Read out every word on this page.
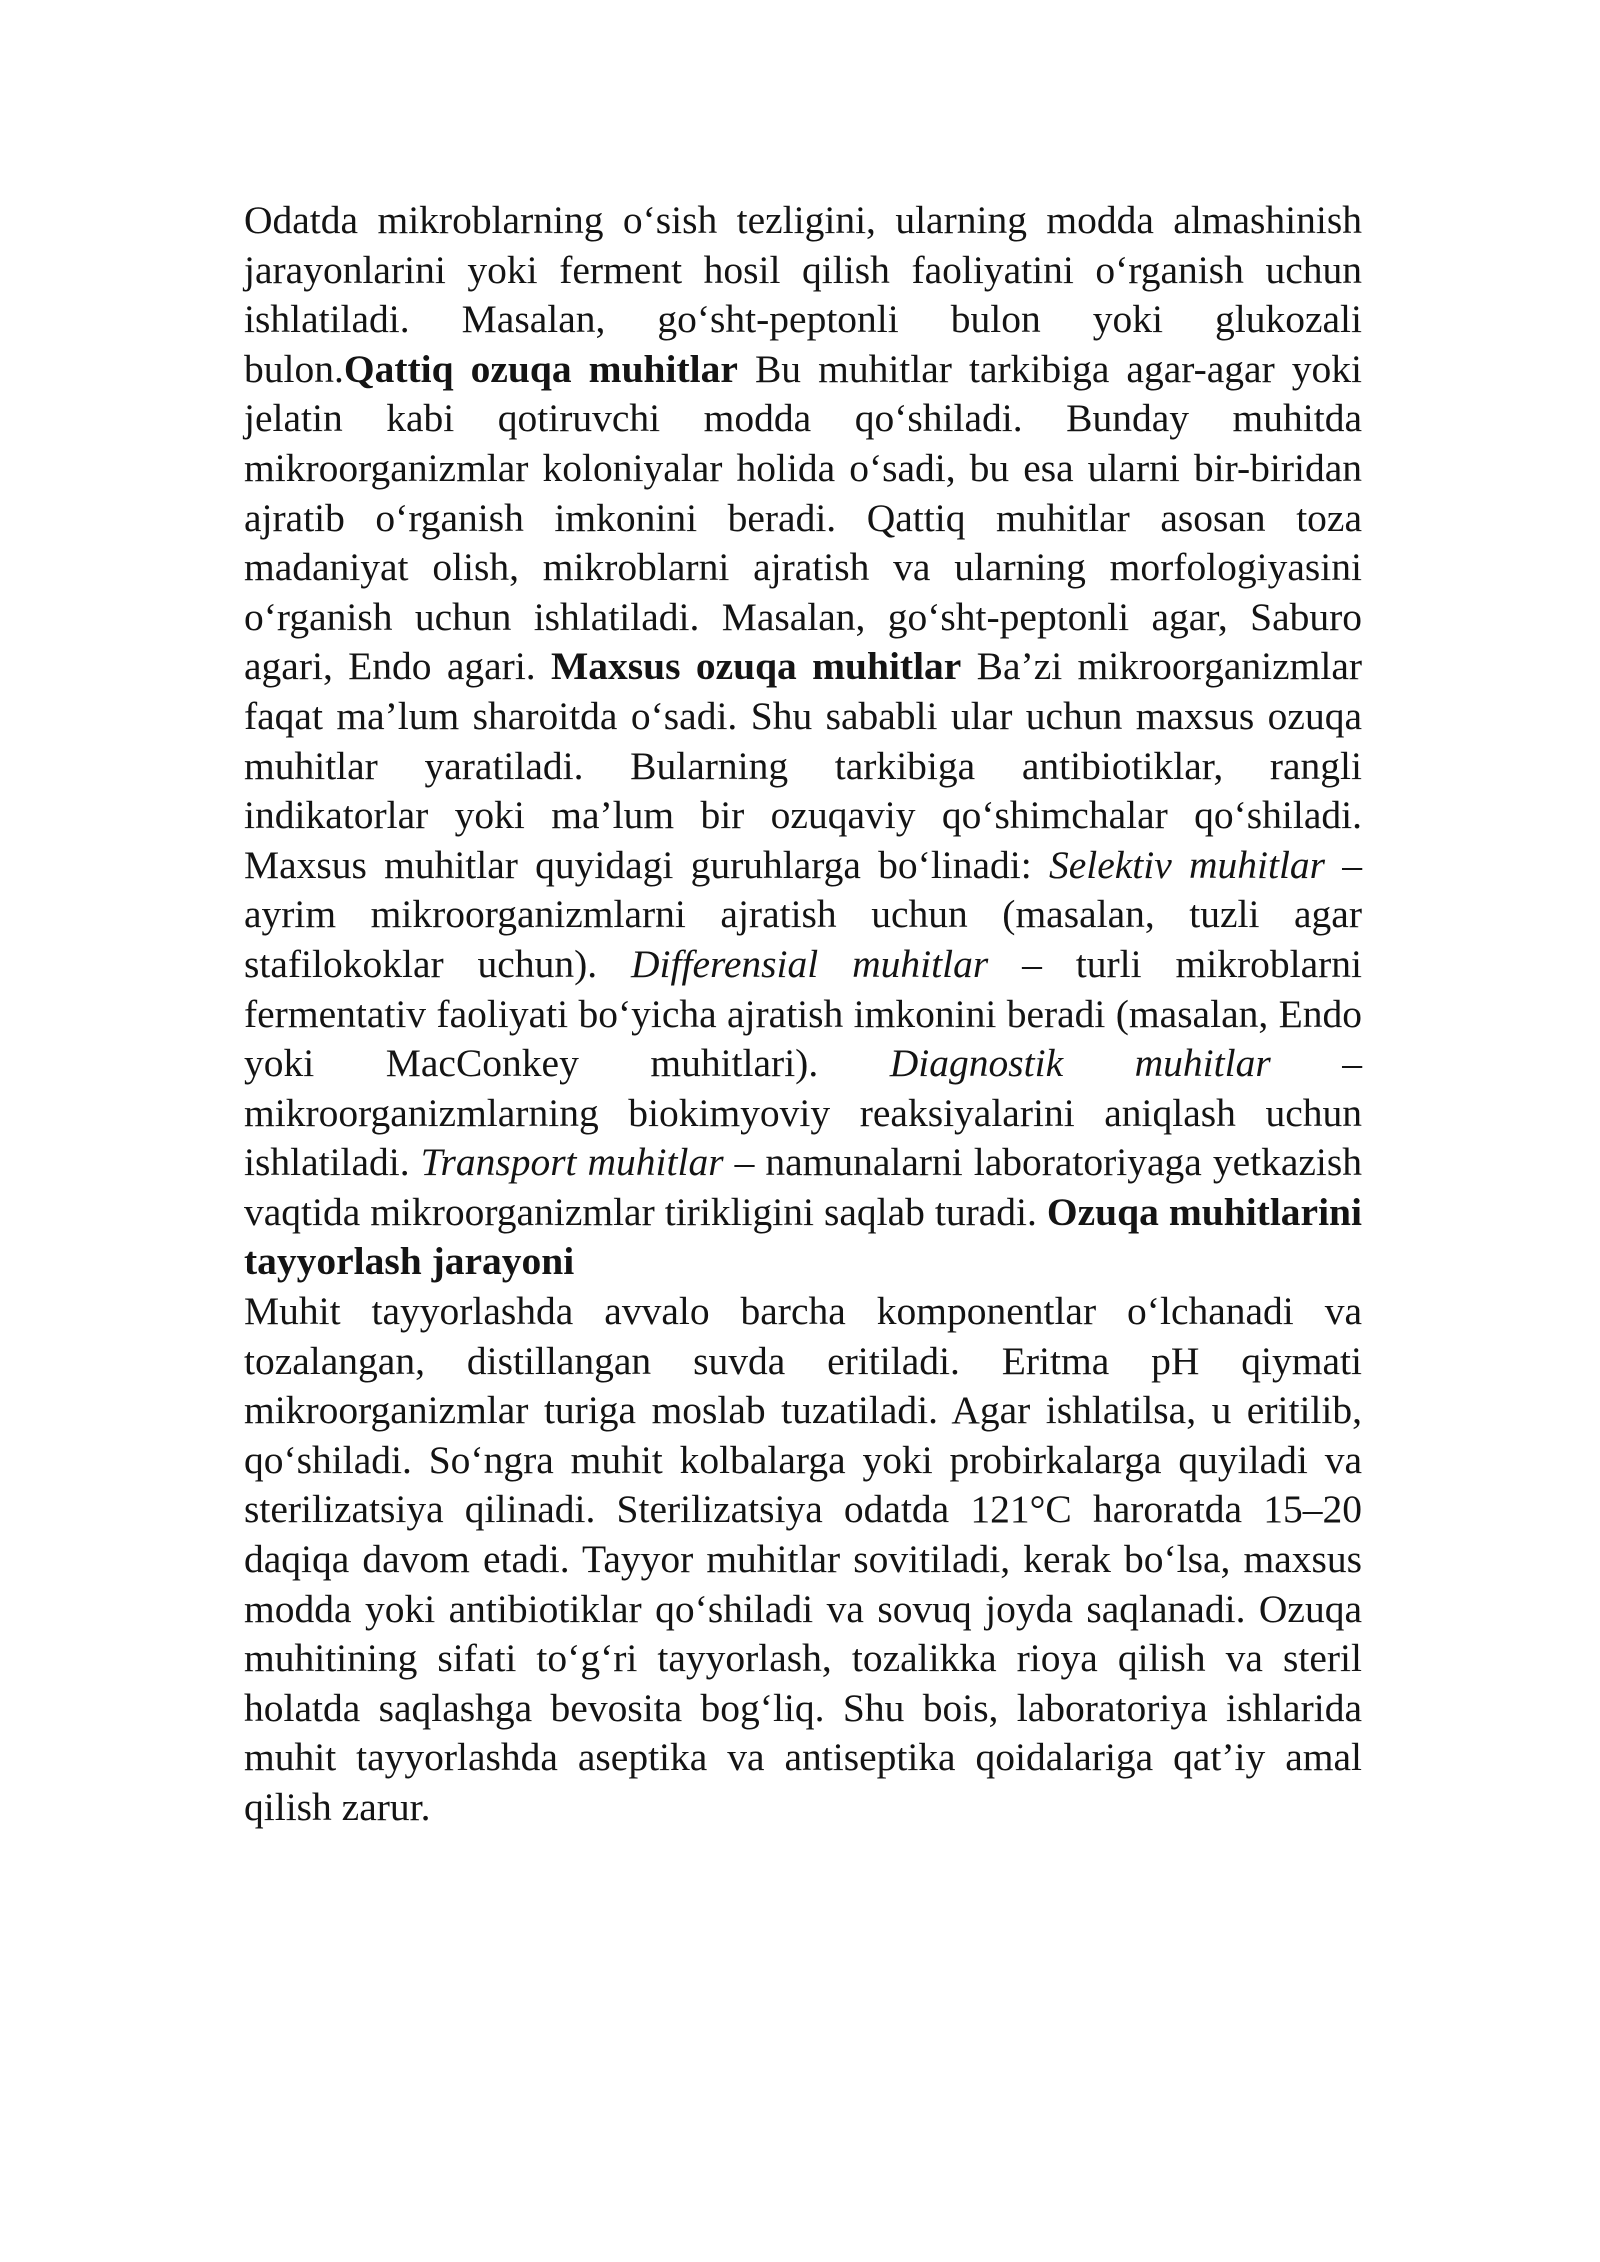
Odatda mikroblarning o‘sish tezligini, ularning modda almashinish jarayonlarini yoki ferment hosil qilish faoliyatini o‘rganish uchun ishlatiladi. Masalan, go‘sht-peptonli bulon yoki glukozali bulon.Qattiq ozuqa muhitlar Bu muhitlar tarkibiga agar-agar yoki jelatin kabi qotiruvchi modda qo‘shiladi. Bunday muhitda mikroorganizmlar koloniyalar holida o‘sadi, bu esa ularni bir-biridan ajratib o‘rganish imkonini beradi. Qattiq muhitlar asosan toza madaniyat olish, mikroblarni ajratish va ularning morfologiyasini o‘rganish uchun ishlatiladi. Masalan, go‘sht-peptonli agar, Saburo agari, Endo agari. Maxsus ozuqa muhitlar Ba’zi mikroorganizmlar faqat ma’lum sharoitda o‘sadi. Shu sababli ular uchun maxsus ozuqa muhitlar yaratiladi. Bularning tarkibiga antibiotiklar, rangli indikatorlar yoki ma’lum bir ozuqaviy qo‘shimchalar qo‘shiladi. Maxsus muhitlar quyidagi guruhlarga bo‘linadi: Selektiv muhitlar – ayrim mikroorganizmlarni ajratish uchun (masalan, tuzli agar stafilokoklar uchun). Differensial muhitlar – turli mikroblarni fermentativ faoliyati bo‘yicha ajratish imkonini beradi (masalan, Endo yoki MacConkey muhitlari). Diagnostik muhitlar – mikroorganizmlarning biokimyoviy reaksiyalarini aniqlash uchun ishlatiladi. Transport muhitlar – namunalarni laboratoriyaga yetkazish vaqtida mikroorganizmlar tirikligini saqlab turadi. Ozuqa muhitlarini tayyorlash jarayoni

Muhit tayyorlashda avvalo barcha komponentlar o‘lchanadi va tozalangan, distillangan suvda eritiladi. Eritma pH qiymati mikroorganizmlar turiga moslab tuzatiladi. Agar ishlatilsa, u eritilib, qo‘shiladi. So‘ngra muhit kolbalarga yoki probirkalarga quyiladi va sterilizatsiya qilinadi. Sterilizatsiya odatda 121°C haroratda 15–20 daqiqa davom etadi. Tayyor muhitlar sovitiladi, kerak bo‘lsa, maxsus modda yoki antibiotiklar qo‘shiladi va sovuq joyda saqlanadi. Ozuqa muhitining sifati to‘g‘ri tayyorlash, tozalikka rioya qilish va steril holatda saqlashga bevosita bog‘liq. Shu bois, laboratoriya ishlarida muhit tayyorlashda aseptika va antiseptika qoidalariga qat’iy amal qilish zarur.
